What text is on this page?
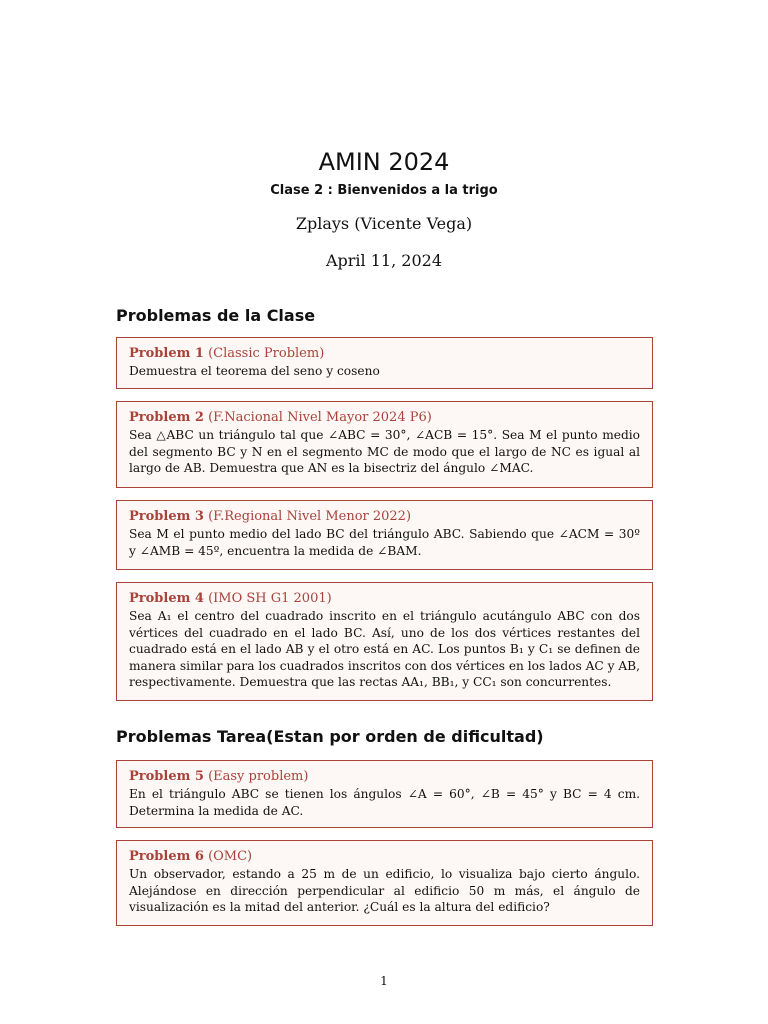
AMIN 2024
Clase 2 : Bienvenidos a la trigo
Zplays (Vicente Vega)
April 11, 2024
Problemas de la Clase
Problem 1 (Classic Problem)
Demuestra el teorema del seno y coseno
Problem 2 (F.Nacional Nivel Mayor 2024 P6)
Sea △ABC un triángulo tal que ∠ABC = 30°, ∠ACB = 15°. Sea M el punto medio del segmento BC y N en el segmento MC de modo que el largo de NC es igual al largo de AB. Demuestra que AN es la bisectriz del ángulo ∠MAC.
Problem 3 (F.Regional Nivel Menor 2022)
Sea M el punto medio del lado BC del triángulo ABC. Sabiendo que ∠ACM = 30º y ∠AMB = 45º, encuentra la medida de ∠BAM.
Problem 4 (IMO SH G1 2001)
Sea A₁ el centro del cuadrado inscrito en el triángulo acutángulo ABC con dos vértices del cuadrado en el lado BC. Así, uno de los dos vértices restantes del cuadrado está en el lado AB y el otro está en AC. Los puntos B₁ y C₁ se definen de manera similar para los cuadrados inscritos con dos vértices en los lados AC y AB, respectivamente. Demuestra que las rectas AA₁, BB₁, y CC₁ son concurrentes.
Problemas Tarea(Estan por orden de dificultad)
Problem 5 (Easy problem)
En el triángulo ABC se tienen los ángulos ∠A = 60°, ∠B = 45° y BC = 4 cm. Determina la medida de AC.
Problem 6 (OMC)
Un observador, estando a 25 m de un edificio, lo visualiza bajo cierto ángulo. Alejándose en dirección perpendicular al edificio 50 m más, el ángulo de visualización es la mitad del anterior. ¿Cuál es la altura del edificio?
1
